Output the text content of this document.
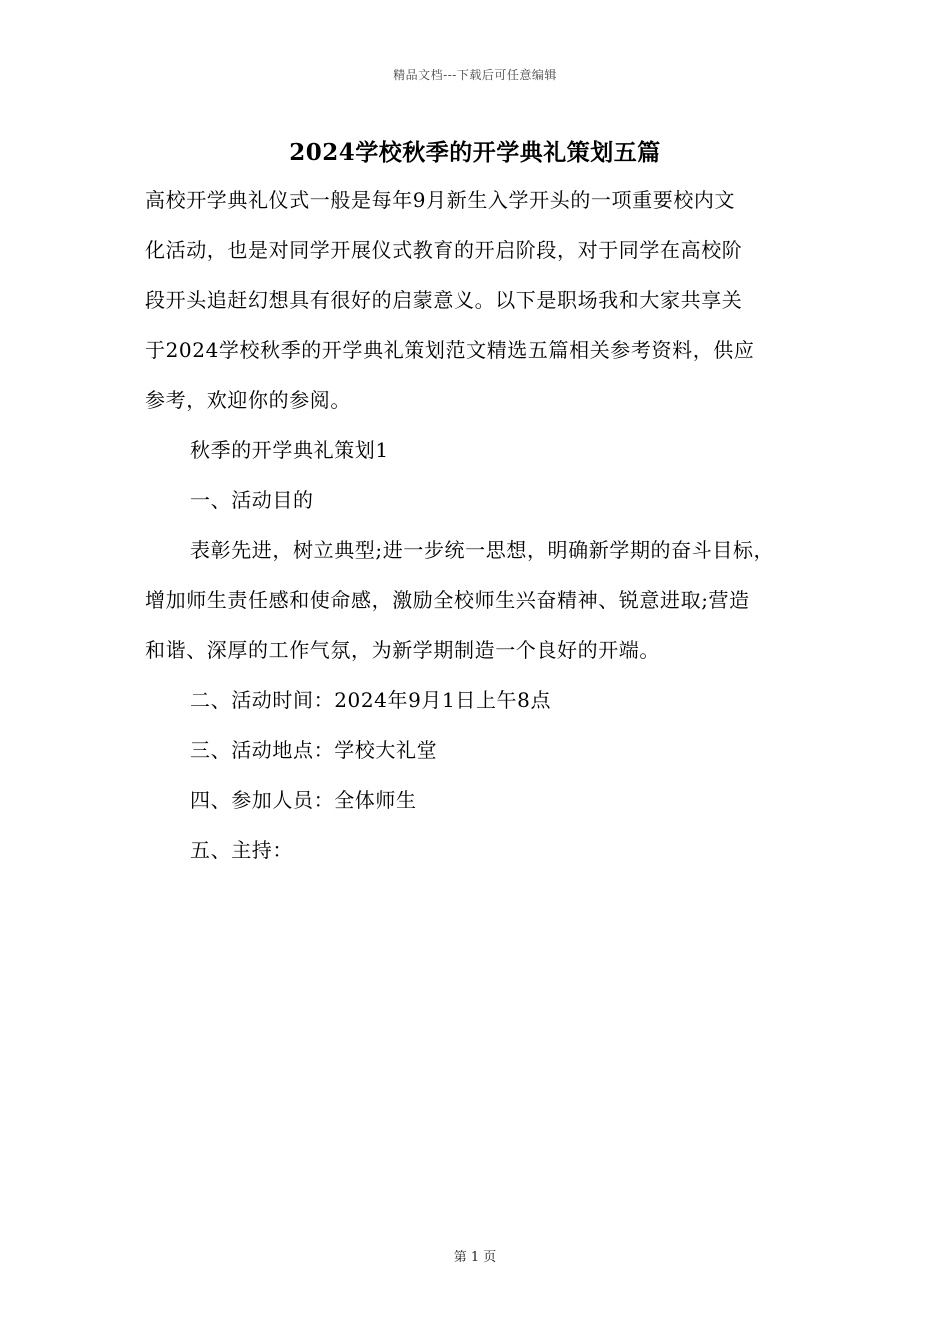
精品文档---下载后可任意编辑
2024学校秋季的开学典礼策划五篇
高校开学典礼仪式一般是每年9月新生入学开头的一项重要校内文
化活动，也是对同学开展仪式教育的开启阶段，对于同学在高校阶
段开头追赶幻想具有很好的启蒙意义。以下是职场我和大家共享关
于2024学校秋季的开学典礼策划范文精选五篇相关参考资料，供应
参考，欢迎你的参阅。
秋季的开学典礼策划1
一、活动目的
表彰先进，树立典型;进一步统一思想，明确新学期的奋斗目标，
增加师生责任感和使命感，激励全校师生兴奋精神、锐意进取;营造
和谐、深厚的工作气氛，为新学期制造一个良好的开端。
二、活动时间：2024年9月1日上午8点
三、活动地点：学校大礼堂
四、参加人员：全体师生
五、主持：
第 1 页
